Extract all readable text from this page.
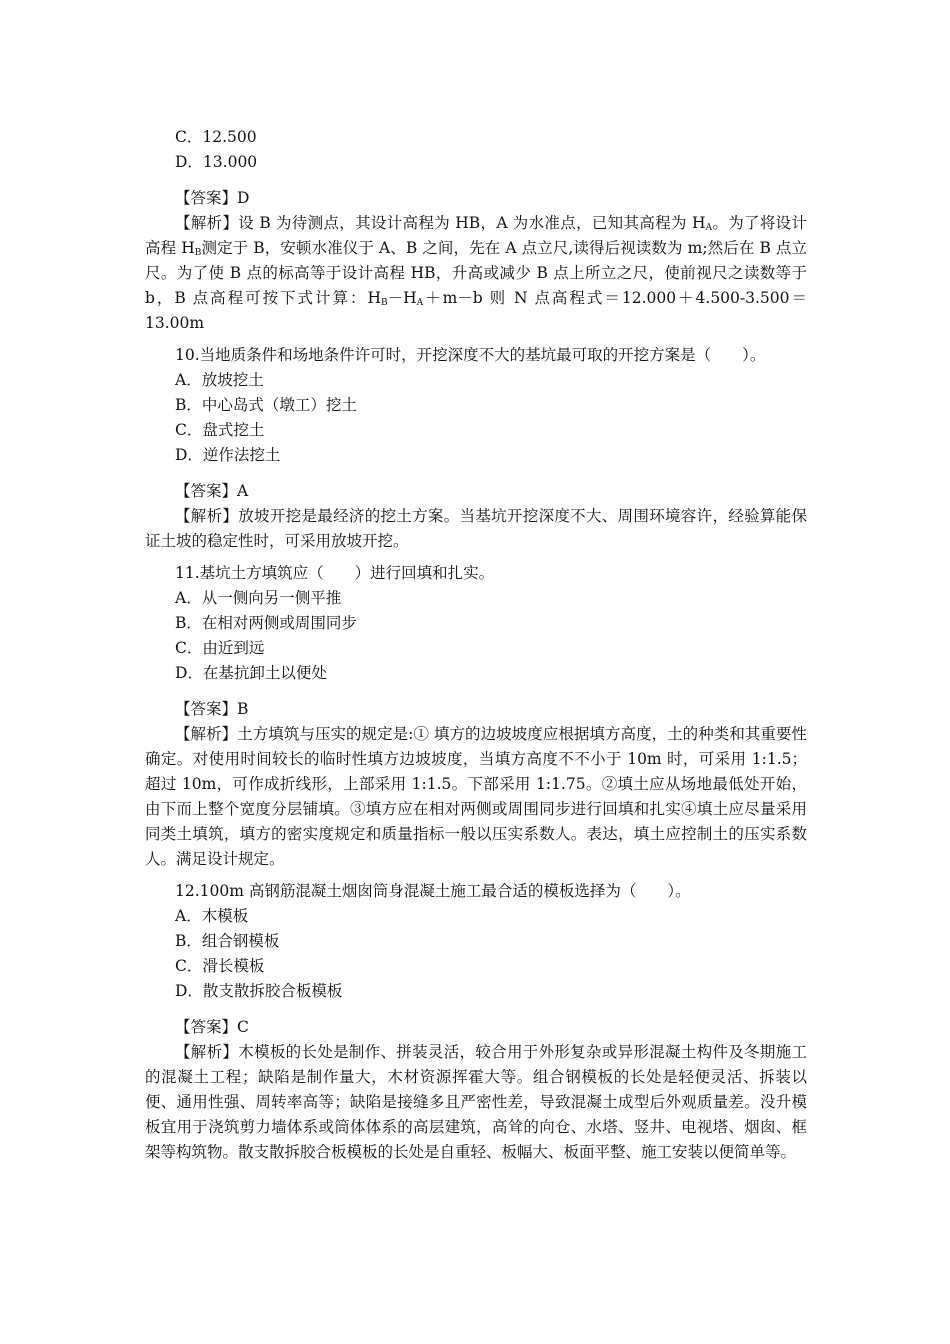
C．12.500
D．13.000
【答案】D
【解析】设 B 为待测点，其设计高程为 HB，A 为水准点，已知其高程为 $H_A$。为了将设计高程 $H_B$测定于 B，安顿水准仪于 A、B 之间，先在 A 点立尺,读得后视读数为 m;然后在 B 点立尺。为了使 B 点的标高等于设计高程 HB，升高或减少 B 点上所立之尺，使前视尺之读数等于 b，B 点高程可按下式计算：$H_B-H_A+m-b$ 则 N 点高程式＝12.000＋4.500-3.500＝13.00m
10.当地质条件和场地条件许可时，开挖深度不大的基坑最可取的开挖方案是（　　）。
A．放坡挖土
B．中心岛式（墩工）挖土
C．盘式挖土
D．逆作法挖土
【答案】A
【解析】放坡开挖是最经济的挖土方案。当基坑开挖深度不大、周围环境容许，经验算能保证土坡的稳定性时，可采用放坡开挖。
11.基坑土方填筑应（　　）进行回填和扎实。
A．从一侧向另一侧平推
B．在相对两侧或周围同步
C．由近到远
D．在基抗卸土以便处
【答案】B
【解析】土方填筑与压实的规定是:① 填方的边坡坡度应根据填方高度，土的种类和其重要性确定。对使用时间较长的临时性填方边坡坡度，当填方高度不不小于 10m 时，可采用 1:1.5；超过 10m，可作成折线形，上部采用 1:1.5。下部采用 1:1.75。②填土应从场地最低处开始，由下而上整个宽度分层铺填。③填方应在相对两侧或周围同步进行回填和扎实④填土应尽量采用同类土填筑，填方的密实度规定和质量指标一般以压实系数人。表达，填土应控制土的压实系数人。满足设计规定。
12.100m 高钢筋混凝土烟囱筒身混凝土施工最合适的模板选择为（　　）。
A．木模板
B．组合钢模板
C．滑长模板
D．散支散拆胶合板模板
【答案】C
【解析】木模板的长处是制作、拼装灵活，较合用于外形复杂或异形混凝土构件及冬期施工的混凝土工程；缺陷是制作量大，木材资源挥霍大等。组合钢模板的长处是轻便灵活、拆装以便、通用性强、周转率高等；缺陷是接缝多且严密性差，导致混凝土成型后外观质量差。没升模板宜用于浇筑剪力墙体系或筒体体系的高层建筑，高耸的向仓、水塔、竖井、电视塔、烟囱、框架等构筑物。散支散拆胶合板模板的长处是自重轻、板幅大、板面平整、施工安装以便简单等。
